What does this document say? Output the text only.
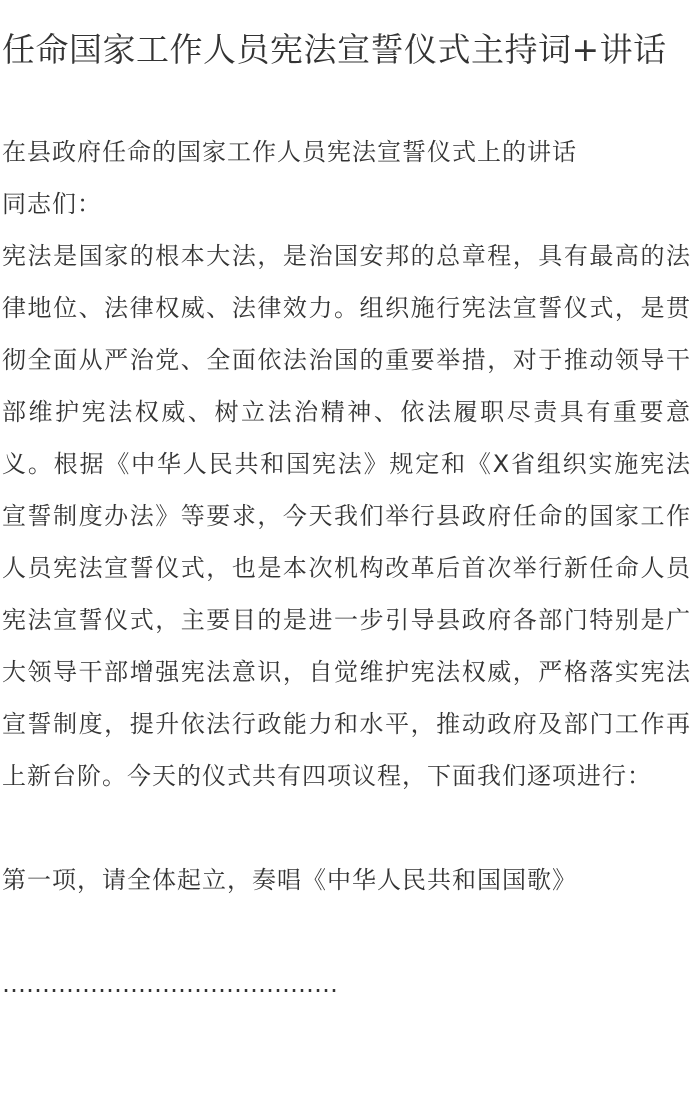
任命国家工作人员宪法宣誓仪式主持词+讲话

在县政府任命的国家工作人员宪法宣誓仪式上的讲话

同志们：

宪法是国家的根本大法，是治国安邦的总章程，具有最高的法律地位、法律权威、法律效力。组织施行宪法宣誓仪式，是贯彻全面从严治党、全面依法治国的重要举措，对于推动领导干部维护宪法权威、树立法治精神、依法履职尽责具有重要意义。根据《中华人民共和国宪法》规定和《X省组织实施宪法宣誓制度办法》等要求，今天我们举行县政府任命的国家工作人员宪法宣誓仪式，也是本次机构改革后首次举行新任命人员宪法宣誓仪式，主要目的是进一步引导县政府各部门特别是广大领导干部增强宪法意识，自觉维护宪法权威，严格落实宪法宣誓制度，提升依法行政能力和水平，推动政府及部门工作再上新台阶。今天的仪式共有四项议程，下面我们逐项进行：

第一项，请全体起立，奏唱《中华人民共和国国歌》

……………………………………
